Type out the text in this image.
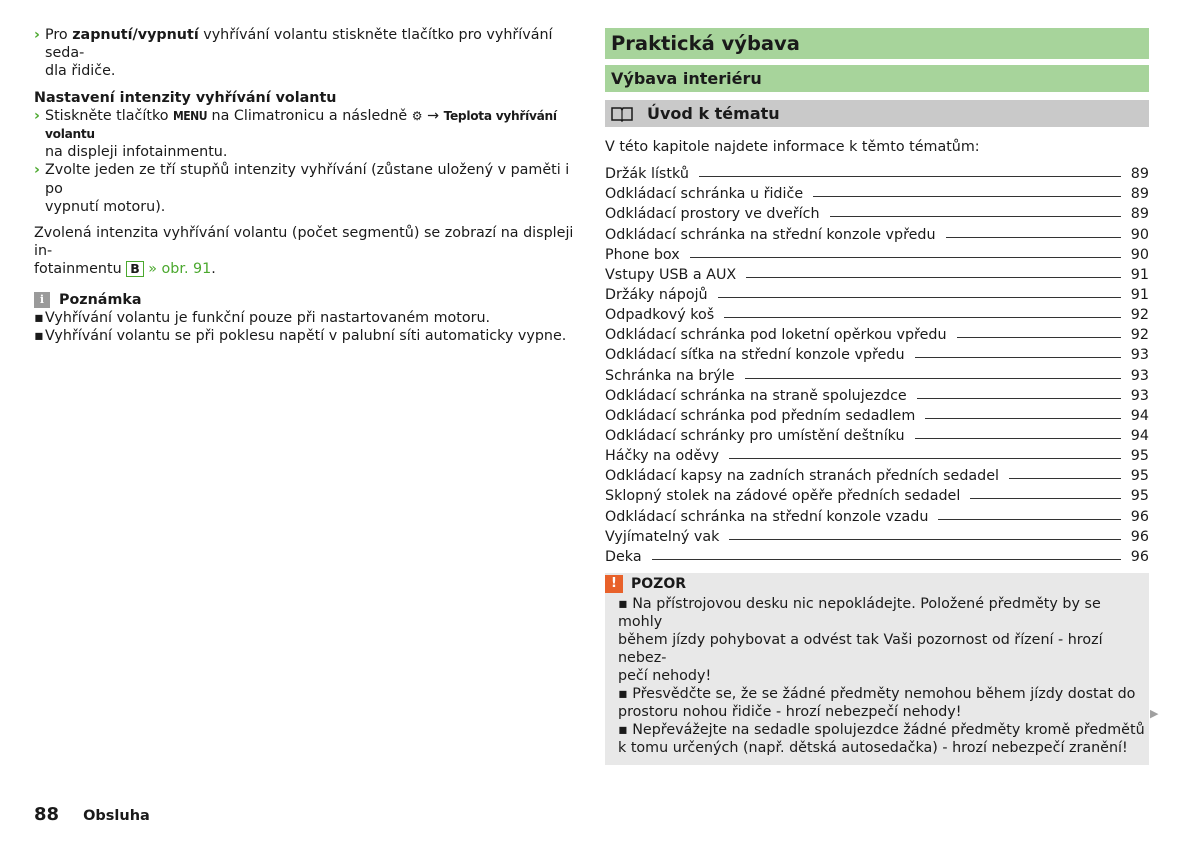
› Pro zapnutí/vypnutí vyhřívání volantu stiskněte tlačítko pro vyhřívání seda-
dla řidiče.
Nastavení intenzity vyhřívání volantu
› Stiskněte tlačítko MENU na Climatronicu a následně ⚙ → Teplota vyhřívání volantu
na displeji infotainmentu.
› Zvolte jeden ze tří stupňů intenzity vyhřívání (zůstane uložený v paměti i po
vypnutí motoru).
Zvolená intenzita vyhřívání volantu (počet segmentů) se zobrazí na displeji in-
fotainmentu B » obr. 91.
i	Poznámka
▪ Vyhřívání volantu je funkční pouze při nastartovaném motoru.
▪ Vyhřívání volantu se při poklesu napětí v palubní síti automaticky vypne.
Praktická výbava
Výbava interiéru
Úvod k tématu
V této kapitole najdete informace k těmto tématům:
Držák lístků	89
Odkládací schránka u řidiče	89
Odkládací prostory ve dveřích	89
Odkládací schránka na střední konzole vpředu	90
Phone box	90
Vstupy USB a AUX	91
Držáky nápojů	91
Odpadkový koš	92
Odkládací schránka pod loketní opěrkou vpředu	92
Odkládací síťka na střední konzole vpředu	93
Schránka na brýle	93
Odkládací schránka na straně spolujezdce	93
Odkládací schránka pod předním sedadlem	94
Odkládací schránky pro umístění deštníku	94
Háčky na oděvy	95
Odkládací kapsy na zadních stranách předních sedadel	95
Sklopný stolek na zádové opěře předních sedadel	95
Odkládací schránka na střední konzole vzadu	96
Vyjímatelný vak	96
Deka	96
!	POZOR
▪ Na přístrojovou desku nic nepokládejte. Položené předměty by se mohly
během jízdy pohybovat a odvést tak Vaši pozornost od řízení - hrozí nebez-
pečí nehody!
▪ Přesvědčte se, že se žádné předměty nemohou během jízdy dostat do
prostoru nohou řidiče - hrozí nebezpečí nehody!
▪ Nepřevážejte na sedadle spolujezdce žádné předměty kromě předmětů
k tomu určených (např. dětská autosedačka) - hrozí nebezpečí zranění!
▶
88 Obsluha
